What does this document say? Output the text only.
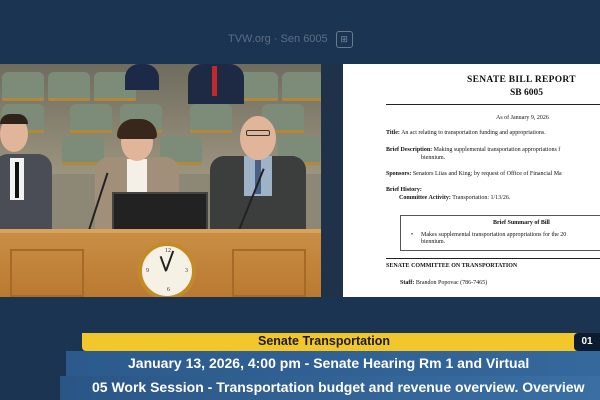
TVW.org · Sen 6005	⊞
12
3
6
9
SENATE BILL REPORT
SB 6005
As of January 9, 2026
Title: An act relating to transportation funding and appropriations.
Brief Description: Making supplemental transportation appropriations f
biennium.
Sponsors: Senators Liias and King; by request of Office of Financial Ma
Brief History:
Committee Activity: Transportation: 1/13/26.
Brief Summary of Bill
• Makes supplemental transportation appropriations for the 20
biennium.
SENATE COMMITTEE ON TRANSPORTATION
Staff: Brandon Popovac (786-7465)
Senate Transportation	01
January 13, 2026, 4:00 pm - Senate Hearing Rm 1 and Virtual
05 Work Session - Transportation budget and revenue overview. Overview
